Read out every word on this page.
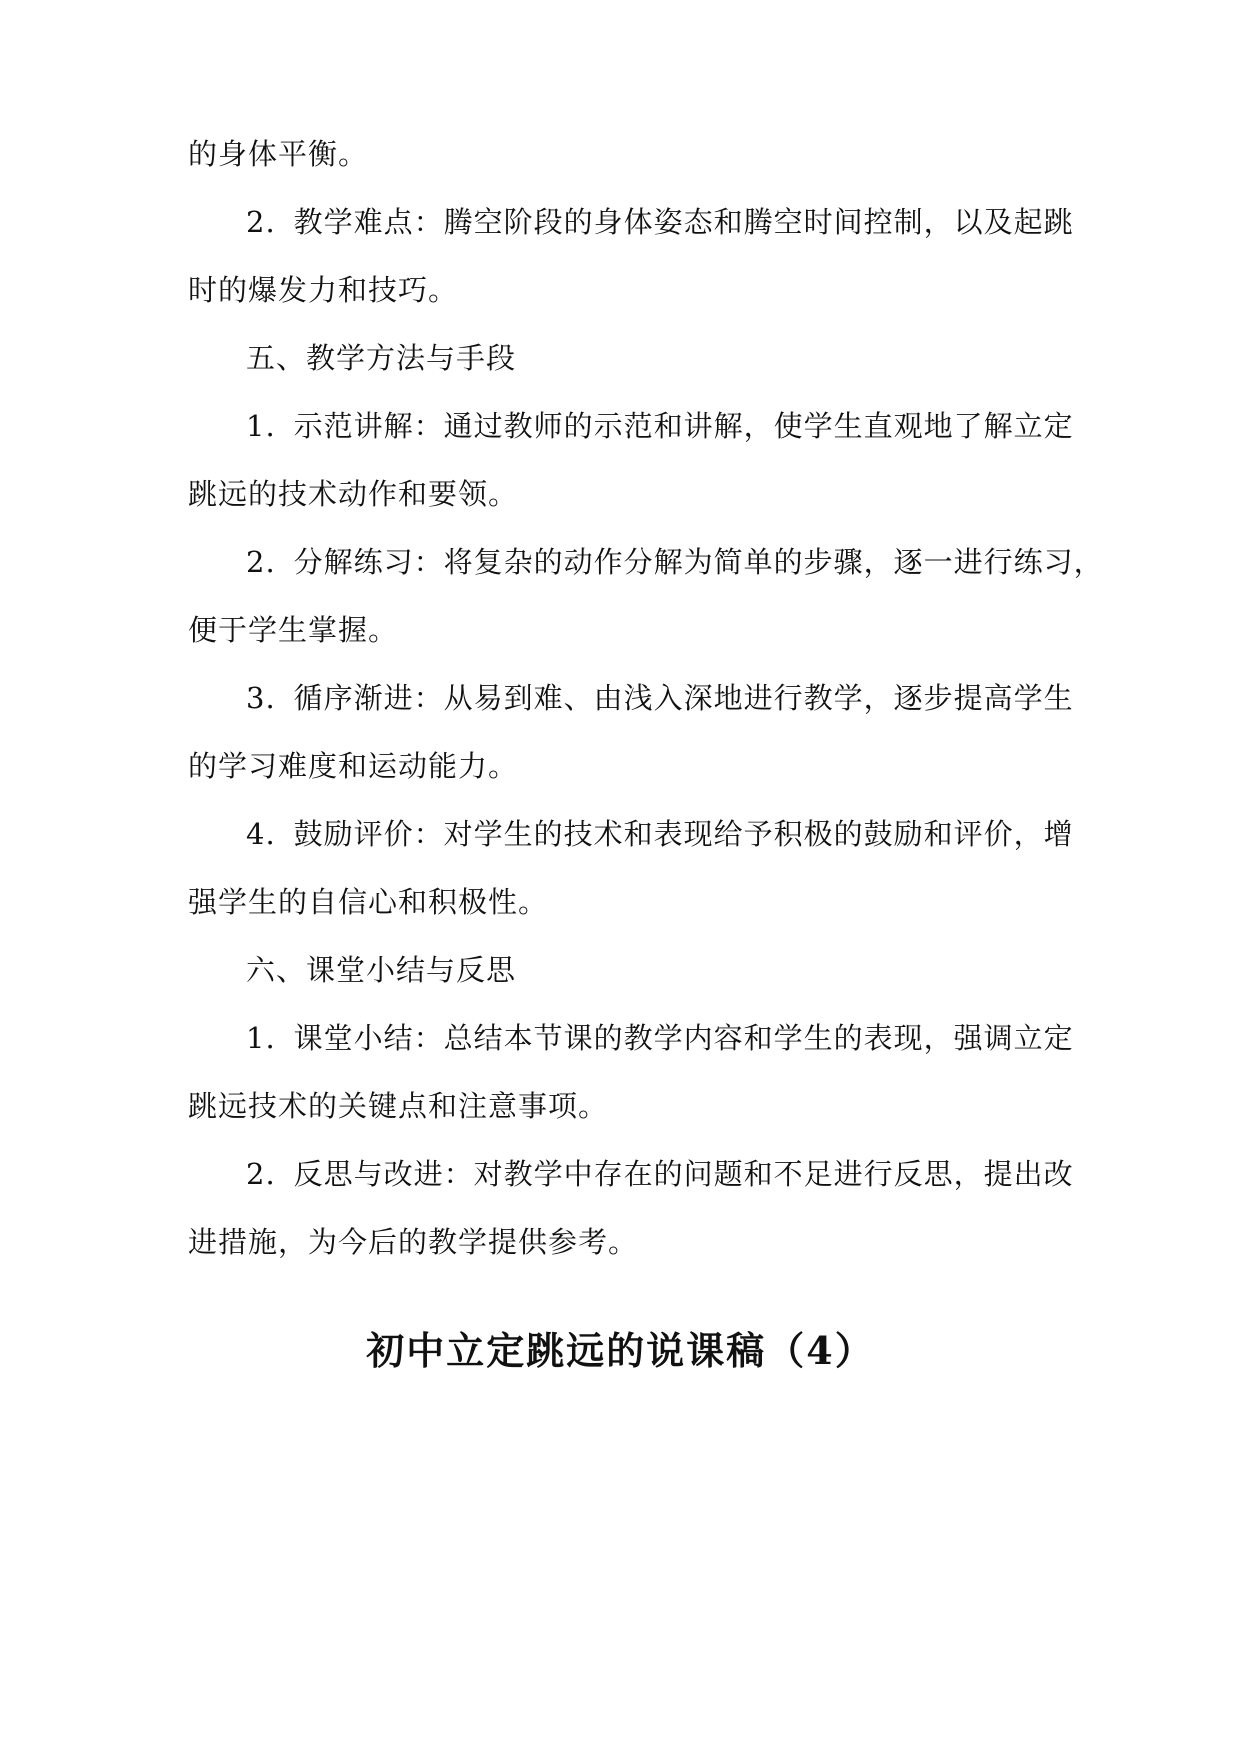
的身体平衡。
2. 教学难点：腾空阶段的身体姿态和腾空时间控制，以及起跳
时的爆发力和技巧。
五、教学方法与手段
1. 示范讲解：通过教师的示范和讲解，使学生直观地了解立定
跳远的技术动作和要领。
2. 分解练习：将复杂的动作分解为简单的步骤，逐一进行练习，
便于学生掌握。
3. 循序渐进：从易到难、由浅入深地进行教学，逐步提高学生
的学习难度和运动能力。
4. 鼓励评价：对学生的技术和表现给予积极的鼓励和评价，增
强学生的自信心和积极性。
六、课堂小结与反思
1. 课堂小结：总结本节课的教学内容和学生的表现，强调立定
跳远技术的关键点和注意事项。
2. 反思与改进：对教学中存在的问题和不足进行反思，提出改
进措施，为今后的教学提供参考。
初中立定跳远的说课稿（4）
